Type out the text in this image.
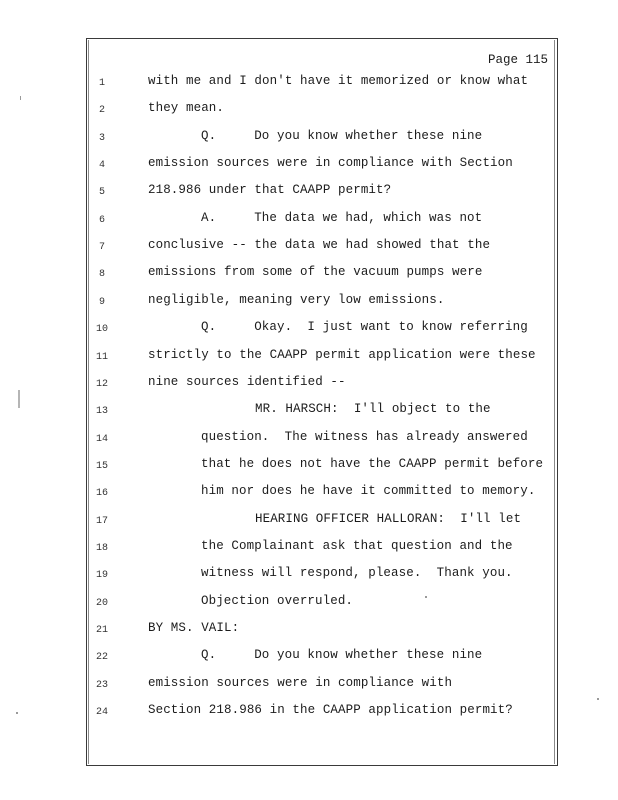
Page 115
1	with me and I don't have it memorized or know what
2	they mean.
3	Q.     Do you know whether these nine
4	emission sources were in compliance with Section
5	218.986 under that CAAPP permit?
6	A.     The data we had, which was not
7	conclusive -- the data we had showed that the
8	emissions from some of the vacuum pumps were
9	negligible, meaning very low emissions.
10	Q.     Okay.  I just want to know referring
11	strictly to the CAAPP permit application were these
12	nine sources identified --
13	MR. HARSCH:  I'll object to the
14	question.  The witness has already answered
15	that he does not have the CAAPP permit before
16	him nor does he have it committed to memory.
17	HEARING OFFICER HALLORAN:  I'll let
18	the Complainant ask that question and the
19	witness will respond, please.  Thank you.
20	Objection overruled.
21	BY MS. VAIL:
22	Q.     Do you know whether these nine
23	emission sources were in compliance with
24	Section 218.986 in the CAAPP application permit?
